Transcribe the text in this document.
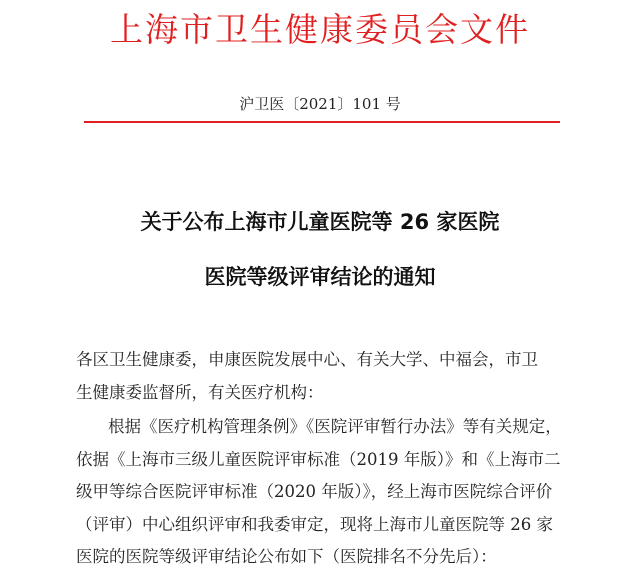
上海市卫生健康委员会文件
沪卫医〔2021〕101 号
关于公布上海市儿童医院等 26 家医院
医院等级评审结论的通知
各区卫生健康委，申康医院发展中心、有关大学、中福会，市卫
生健康委监督所，有关医疗机构：
根据《医疗机构管理条例》《医院评审暂行办法》等有关规定，
依据《上海市三级儿童医院评审标准（2019 年版）》和《上海市二
级甲等综合医院评审标准（2020 年版）》，经上海市医院综合评价
（评审）中心组织评审和我委审定，现将上海市儿童医院等 26 家
医院的医院等级评审结论公布如下（医院排名不分先后）：
